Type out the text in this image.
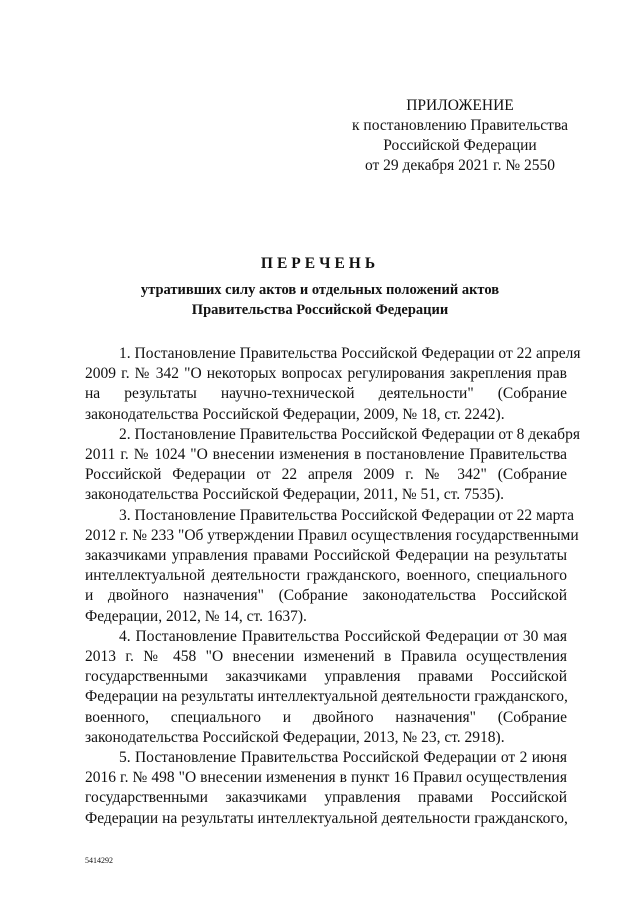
ПРИЛОЖЕНИЕ
к постановлению Правительства
Российской Федерации
от 29 декабря 2021 г. № 2550
ПЕРЕЧЕНЬ
утративших силу актов и отдельных положений актов
Правительства Российской Федерации
1. Постановление Правительства Российской Федерации от 22 апреля
2009 г. № 342 "О некоторых вопросах регулирования закрепления прав
на результаты научно-технической деятельности" (Собрание
законодательства Российской Федерации, 2009, № 18, ст. 2242).
2. Постановление Правительства Российской Федерации от 8 декабря
2011 г. № 1024 "О внесении изменения в постановление Правительства
Российской Федерации от 22 апреля 2009 г. № 342" (Собрание
законодательства Российской Федерации, 2011, № 51, ст. 7535).
3. Постановление Правительства Российской Федерации от 22 марта
2012 г. № 233 "Об утверждении Правил осуществления государственными
заказчиками управления правами Российской Федерации на результаты
интеллектуальной деятельности гражданского, военного, специального
и двойного назначения" (Собрание законодательства Российской
Федерации, 2012, № 14, ст. 1637).
4. Постановление Правительства Российской Федерации от 30 мая
2013 г. № 458 "О внесении изменений в Правила осуществления
государственными заказчиками управления правами Российской
Федерации на результаты интеллектуальной деятельности гражданского,
военного, специального и двойного назначения" (Собрание
законодательства Российской Федерации, 2013, № 23, ст. 2918).
5. Постановление Правительства Российской Федерации от 2 июня
2016 г. № 498 "О внесении изменения в пункт 16 Правил осуществления
государственными заказчиками управления правами Российской
Федерации на результаты интеллектуальной деятельности гражданского,
5414292
